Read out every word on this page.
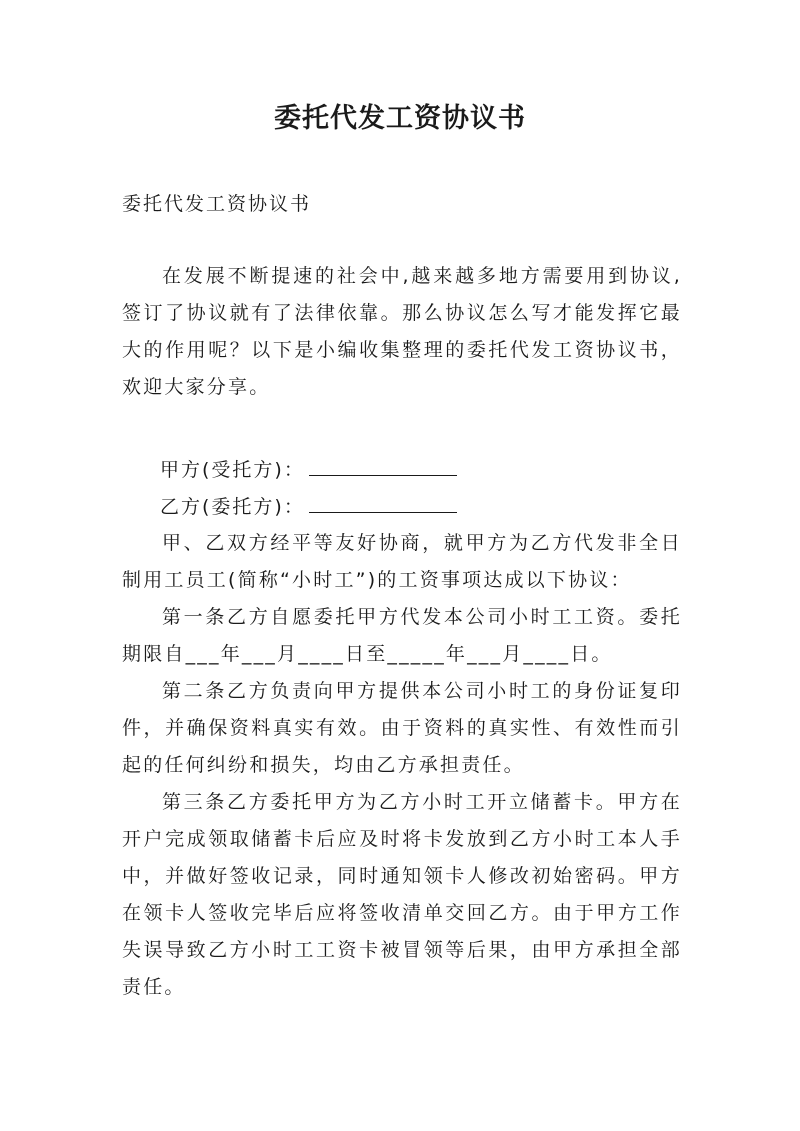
委托代发工资协议书

委托代发工资协议书

在发展不断提速的社会中,越来越多地方需要用到协议,签订了协议就有了法律依靠。那么协议怎么写才能发挥它最大的作用呢？以下是小编收集整理的委托代发工资协议书，欢迎大家分享。

甲方(受托方)：

乙方(委托方)：

甲、乙双方经平等友好协商，就甲方为乙方代发非全日制用工员工(简称“小时工”)的工资事项达成以下协议：

第一条乙方自愿委托甲方代发本公司小时工工资。委托期限自___年___月____日至_____年___月____日。

第二条乙方负责向甲方提供本公司小时工的身份证复印件，并确保资料真实有效。由于资料的真实性、有效性而引起的任何纠纷和损失，均由乙方承担责任。

第三条乙方委托甲方为乙方小时工开立储蓄卡。甲方在开户完成领取储蓄卡后应及时将卡发放到乙方小时工本人手中，并做好签收记录，同时通知领卡人修改初始密码。甲方在领卡人签收完毕后应将签收清单交回乙方。由于甲方工作失误导致乙方小时工工资卡被冒领等后果，由甲方承担全部责任。
